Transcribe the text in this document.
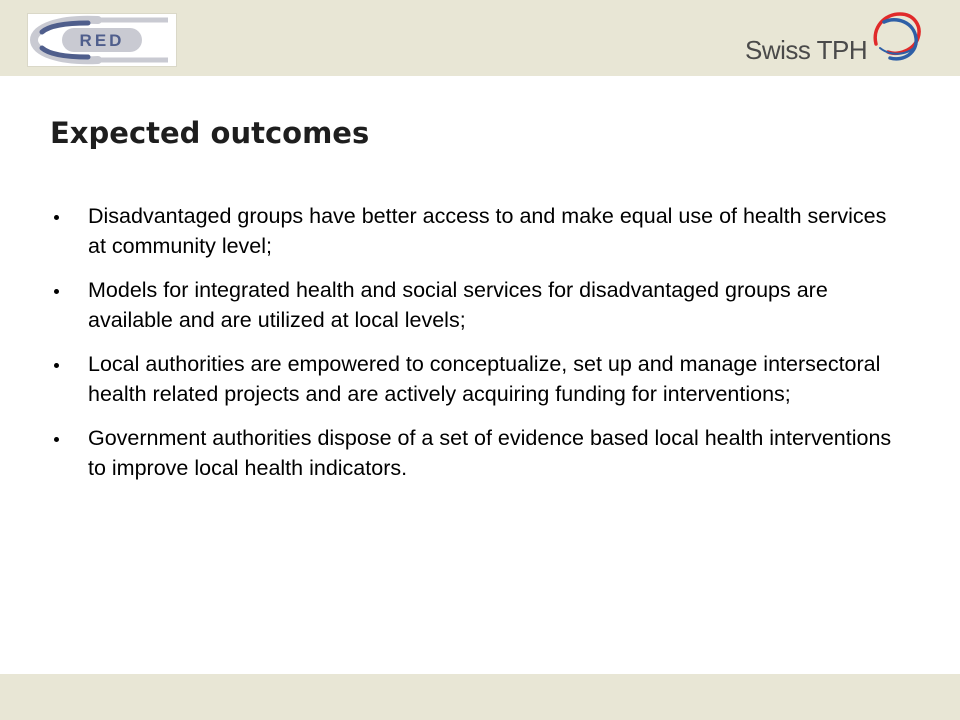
RED	Swiss TPH
Expected outcomes
Disadvantaged groups have better access to and make equal use of health services at community level;
Models for integrated health and social services for disadvantaged groups are available and are utilized at local levels;
Local authorities are empowered to conceptualize, set up and manage intersectoral health related projects and are actively acquiring funding for interventions;
Government authorities dispose of a set of evidence based local health interventions to improve local health indicators.
